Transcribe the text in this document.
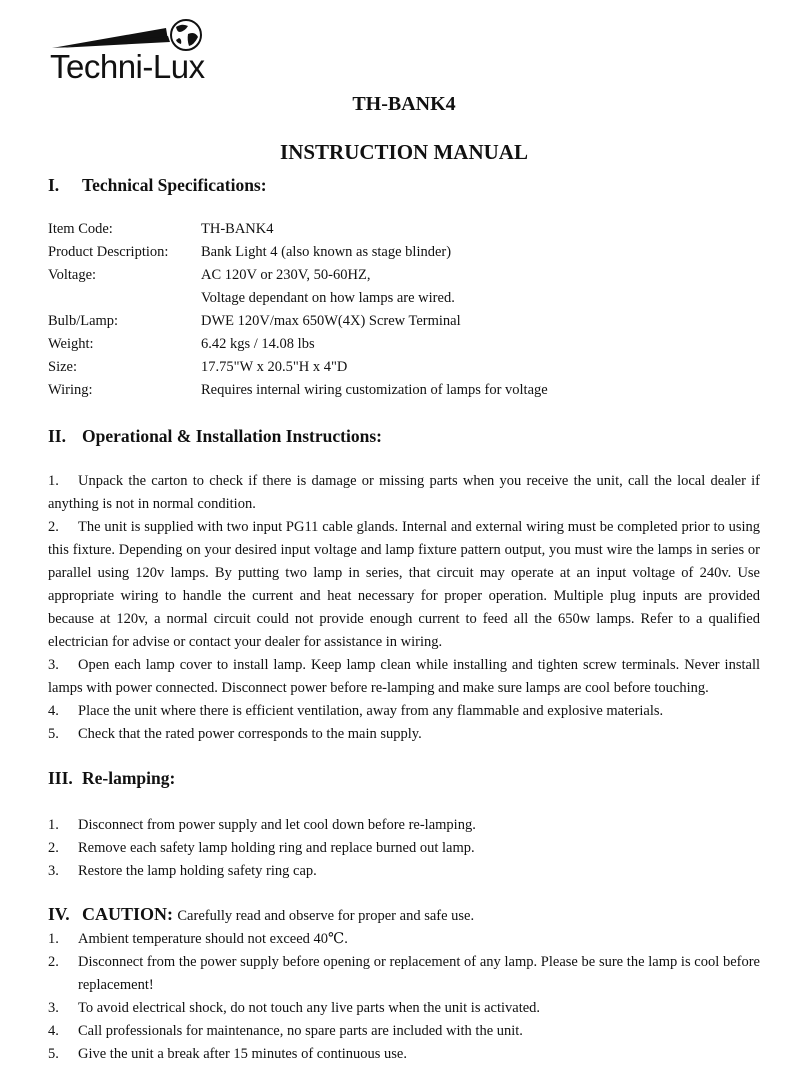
Techni-Lux
TH-BANK4
INSTRUCTION MANUAL
I. Technical Specifications:
Item Code:	TH-BANK4
Product Description: Bank Light 4 (also known as stage blinder)
Voltage:	AC 120V or 230V, 50-60HZ,
Voltage dependant on how lamps are wired.
Bulb/Lamp:	DWE 120V/max 650W(4X) Screw Terminal
Weight:	6.42 kgs / 14.08 lbs
Size:	17.75"W x 20.5"H x 4"D
Wiring:	Requires internal wiring customization of lamps for voltage
II. Operational & Installation Instructions:

1. Unpack the carton to check if there is damage or missing parts when you receive the unit, call the local dealer if anything is not in normal condition.

2. The unit is supplied with two input PG11 cable glands. Internal and external wiring must be completed prior to using this fixture. Depending on your desired input voltage and lamp fixture pattern output, you must wire the lamps in series or parallel using 120v lamps. By putting two lamp in series, that circuit may operate at an input voltage of 240v. Use appropriate wiring to handle the current and heat necessary for proper operation. Multiple plug inputs are provided because at 120v, a normal circuit could not provide enough current to feed all the 650w lamps. Refer to a qualified electrician for advise or contact your dealer for assistance in wiring.

3. Open each lamp cover to install lamp. Keep lamp clean while installing and tighten screw terminals. Never install lamps with power connected. Disconnect power before re-lamping and make sure lamps are cool before touching.

4. Place the unit where there is efficient ventilation, away from any flammable and explosive materials.

5. Check that the rated power corresponds to the main supply.

III. Re-lamping:
1. Disconnect from power supply and let cool down before re-lamping.
2. Remove each safety lamp holding ring and replace burned out lamp.
3. Restore the lamp holding safety ring cap.
IV. CAUTION: Carefully read and observe for proper and safe use.
1. Ambient temperature should not exceed 40℃.
2. Disconnect from the power supply before opening or replacement of any lamp. Please be sure the lamp is cool before replacement!
3. To avoid electrical shock, do not touch any live parts when the unit is activated.
4. Call professionals for maintenance, no spare parts are included with the unit.
5. Give the unit a break after 15 minutes of continuous use.
